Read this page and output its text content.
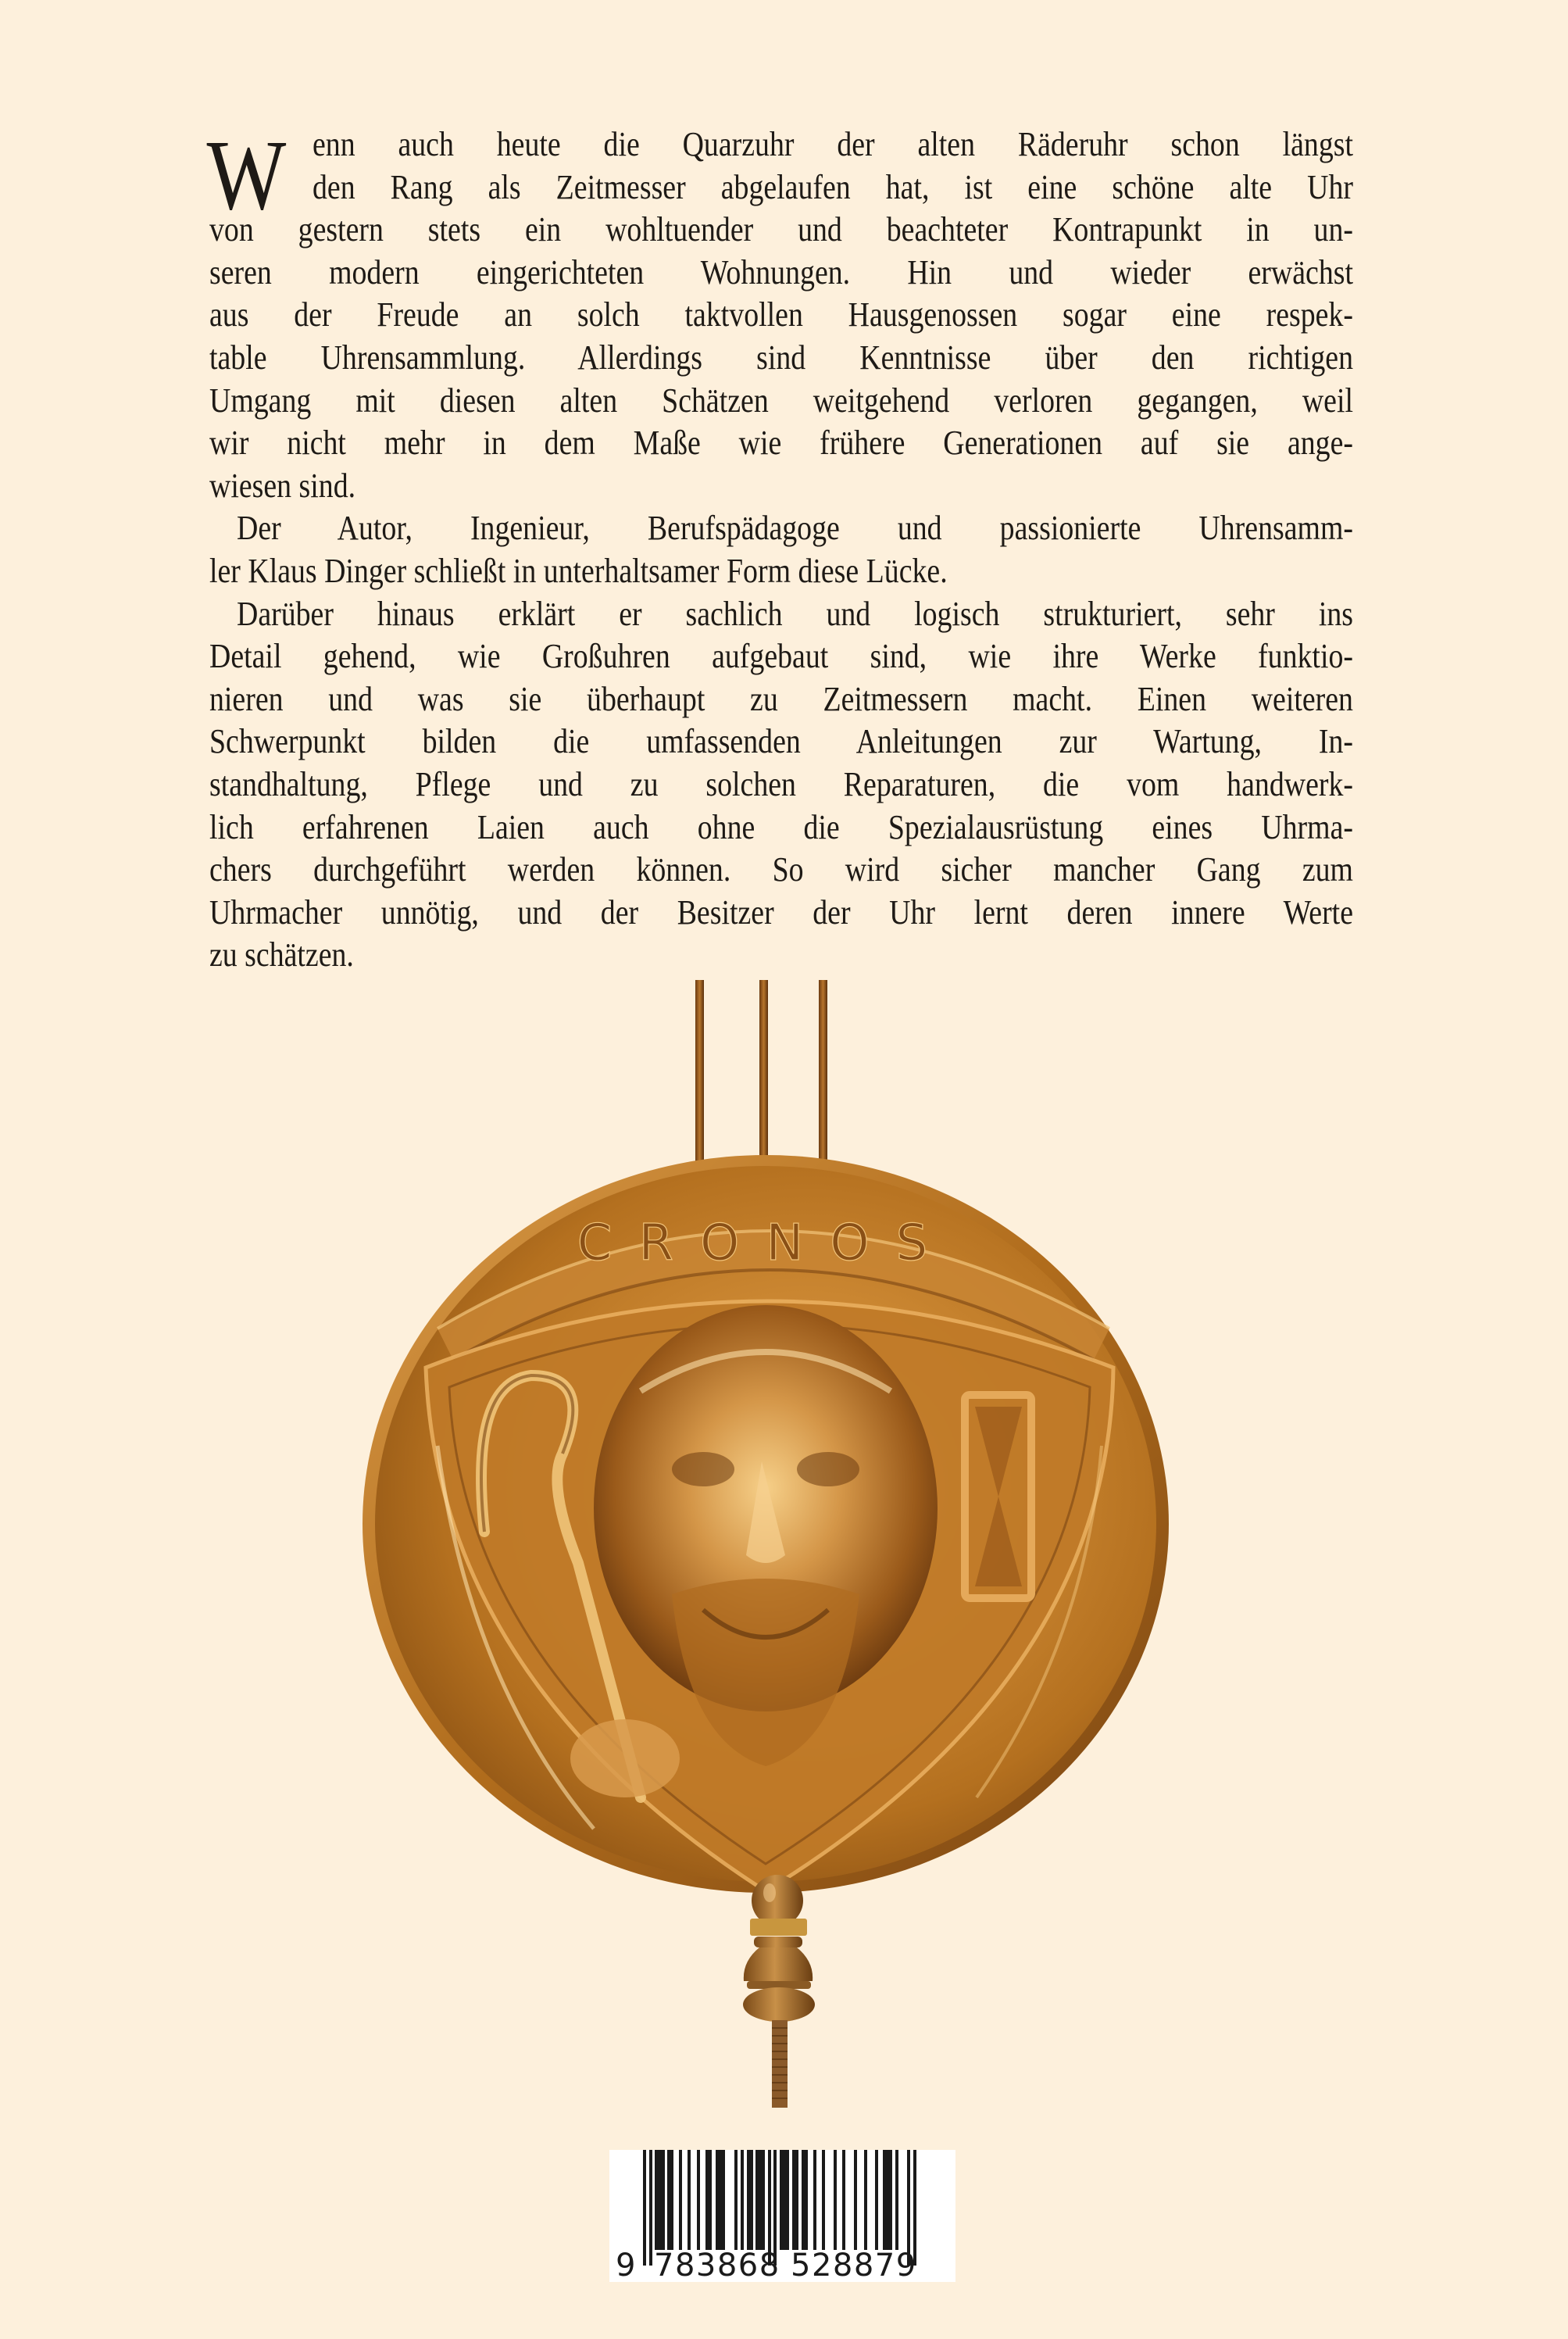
W enn auch heute die Quarzuhr der alten Räderuhr schon längst
den Rang als Zeitmesser abgelaufen hat, ist eine schöne alte Uhr
von gestern stets ein wohltuender und beachteter Kontrapunkt in un-
seren modern eingerichteten Wohnungen. Hin und wieder erwächst
aus der Freude an solch taktvollen Hausgenossen sogar eine respek-
table Uhrensammlung. Allerdings sind Kenntnisse über den richtigen
Umgang mit diesen alten Schätzen weitgehend verloren gegangen, weil
wir nicht mehr in dem Maße wie frühere Generationen auf sie ange-
wiesen sind.
Der Autor, Ingenieur, Berufspädagoge und passionierte Uhrensamm-
ler Klaus Dinger schließt in unterhaltsamer Form diese Lücke.
Darüber hinaus erklärt er sachlich und logisch strukturiert, sehr ins
Detail gehend, wie Großuhren aufgebaut sind, wie ihre Werke funktio-
nieren und was sie überhaupt zu Zeitmessern macht. Einen weiteren
Schwerpunkt bilden die umfassenden Anleitungen zur Wartung, In-
standhaltung, Pflege und zu solchen Reparaturen, die vom handwerk-
lich erfahrenen Laien auch ohne die Spezialausrüstung eines Uhrma-
chers durchgeführt werden können. So wird sicher mancher Gang zum
Uhrmacher unnötig, und der Besitzer der Uhr lernt deren innere Werte
zu schätzen.
CRONOS
9 783868 528879
